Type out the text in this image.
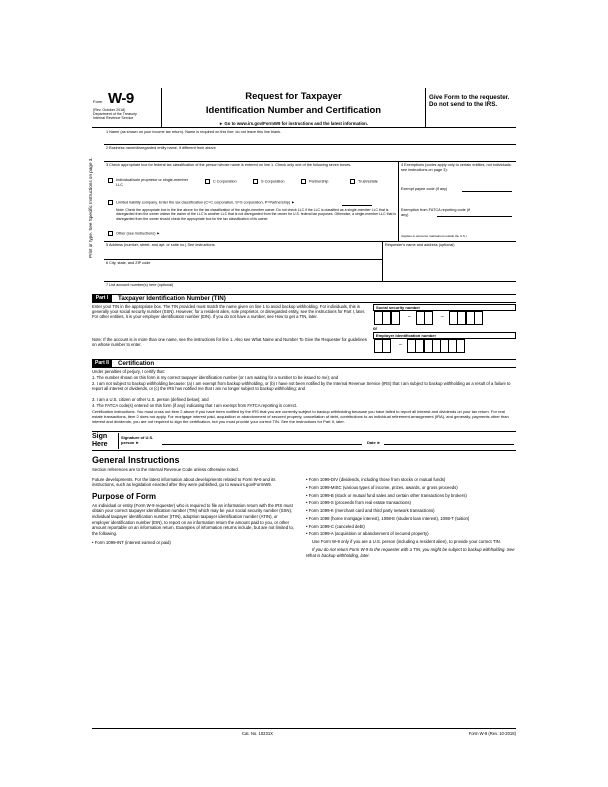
Form W-9
(Rev. October 2018)
Department of the Treasury
Internal Revenue Service
Request for Taxpayer
Identification Number and Certification
► Go to www.irs.gov/FormW9 for instructions and the latest information.
Give Form to the requester. Do not send to the IRS.
Print or type. See Specific Instructions on page 3.
1 Name (as shown on your income tax return). Name is required on this line; do not leave this line blank.
2 Business name/disregarded entity name, if different from above
3 Check appropriate box for federal tax classification of the person whose name is entered on line 1. Check only one of the following seven boxes.
Individual/sole proprietor or single-member LLC
C Corporation	S Corporation	Partnership	Trust/estate
Limited liability company. Enter the tax classification (C=C corporation, S=S corporation, P=Partnership) ►
Note: Check the appropriate box in the line above for the tax classification of the single-member owner. Do not check LLC if the LLC is classified as a single-member LLC that is disregarded from the owner unless the owner of the LLC is another LLC that is not disregarded from the owner for U.S. federal tax purposes. Otherwise, a single-member LLC that is disregarded from the owner should check the appropriate box for the tax classification of its owner.
Other (see instructions) ►
4 Exemptions (codes apply only to certain entities, not individuals; see instructions on page 3):
Exempt payee code (if any)
Exemption from FATCA reporting code (if any)
(Applies to accounts maintained outside the U.S.)
5 Address (number, street, and apt. or suite no.) See instructions.	Requester's name and address (optional)
6 City, state, and ZIP code
7 List account number(s) here (optional)
Part I	Taxpayer Identification Number (TIN)
Enter your TIN in the appropriate box. The TIN provided must match the name given on line 1 to avoid backup withholding. For individuals, this is generally your social security number (SSN). However, for a resident alien, sole proprietor, or disregarded entity, see the instructions for Part I, later. For other entities, it is your employer identification number (EIN). If you do not have a number, see How to get a TIN, later.
Note: If the account is in more than one name, see the instructions for line 1. Also see What Name and Number To Give the Requester for guidelines on whose number to enter.
Social security number
–	–
or
Employer identification number
–
Part II	Certification
Under penalties of perjury, I certify that:
1. The number shown on this form is my correct taxpayer identification number (or I am waiting for a number to be issued to me); and
2. I am not subject to backup withholding because: (a) I am exempt from backup withholding, or (b) I have not been notified by the Internal Revenue Service (IRS) that I am subject to backup withholding as a result of a failure to report all interest or dividends, or (c) the IRS has notified me that I am no longer subject to backup withholding; and
3. I am a U.S. citizen or other U.S. person (defined below); and
4. The FATCA code(s) entered on this form (if any) indicating that I am exempt from FATCA reporting is correct.
Certification instructions. You must cross out item 2 above if you have been notified by the IRS that you are currently subject to backup withholding because you have failed to report all interest and dividends on your tax return. For real estate transactions, item 2 does not apply. For mortgage interest paid, acquisition or abandonment of secured property, cancellation of debt, contributions to an individual retirement arrangement (IRA), and generally, payments other than interest and dividends, you are not required to sign the certification, but you must provide your correct TIN. See the instructions for Part II, later.
Sign Here
Signature of U.S. person ►	Date ►
General Instructions
Section references are to the Internal Revenue Code unless otherwise noted.
Future developments. For the latest information about developments related to Form W-9 and its instructions, such as legislation enacted after they were published, go to www.irs.gov/FormW9.
Purpose of Form
An individual or entity (Form W-9 requester) who is required to file an information return with the IRS must obtain your correct taxpayer identification number (TIN) which may be your social security number (SSN), individual taxpayer identification number (ITIN), adoption taxpayer identification number (ATIN), or employer identification number (EIN), to report on an information return the amount paid to you, or other amount reportable on an information return. Examples of information returns include, but are not limited to, the following.
• Form 1099-INT (interest earned or paid)
• Form 1099-DIV (dividends, including those from stocks or mutual funds)
• Form 1099-MISC (various types of income, prizes, awards, or gross proceeds)
• Form 1099-B (stock or mutual fund sales and certain other transactions by brokers)
• Form 1099-S (proceeds from real estate transactions)
• Form 1099-K (merchant card and third party network transactions)
• Form 1098 (home mortgage interest), 1098-E (student loan interest), 1098-T (tuition)
• Form 1099-C (canceled debt)
• Form 1099-A (acquisition or abandonment of secured property)
Use Form W-9 only if you are a U.S. person (including a resident alien), to provide your correct TIN.
If you do not return Form W-9 to the requester with a TIN, you might be subject to backup withholding. See What is backup withholding, later.
Cat. No. 10231X	Form W-9 (Rev. 10-2018)
